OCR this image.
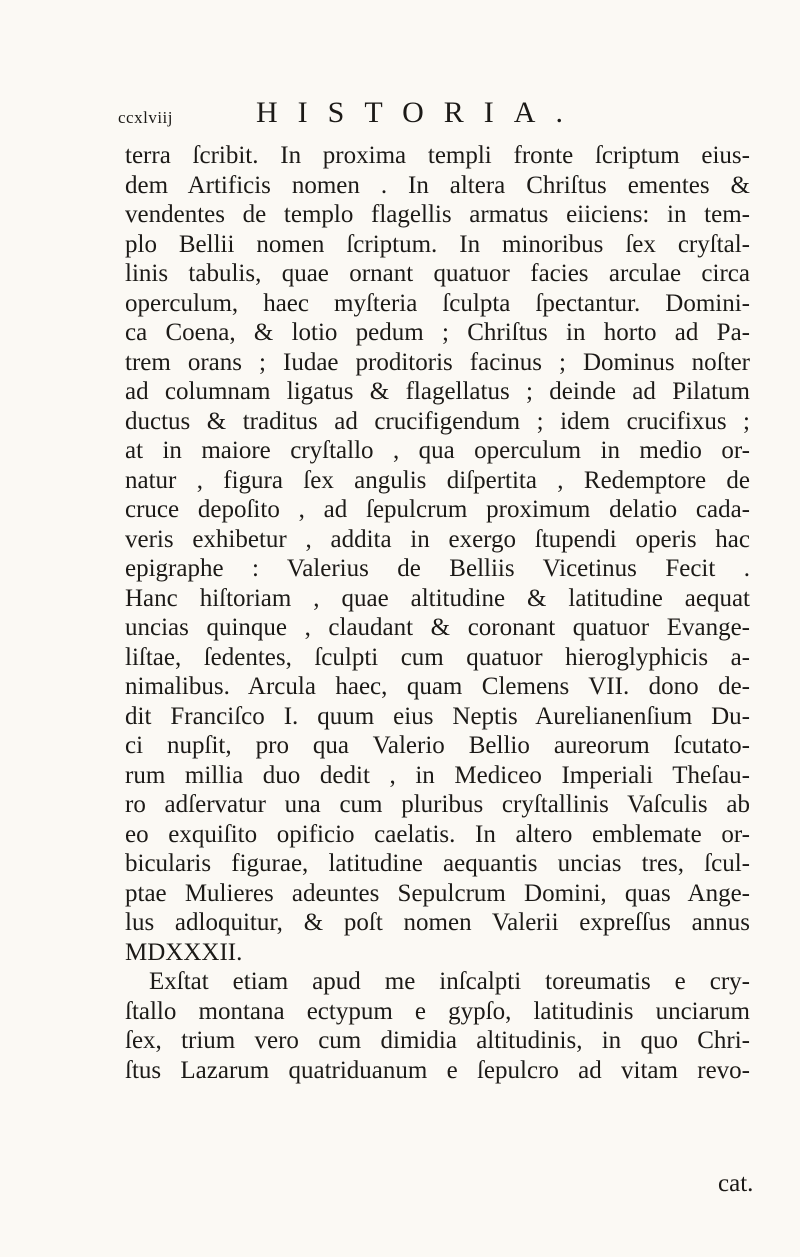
ccxlviij	HISTORIA.
terra ſcribit. In proxima templi fronte ſcriptum eius-
dem Artificis nomen . In altera Chriſtus ementes &
vendentes de templo flagellis armatus eiiciens: in tem-
plo Bellii nomen ſcriptum. In minoribus ſex cryſtal-
linis tabulis, quae ornant quatuor facies arculae circa
operculum, haec myſteria ſculpta ſpectantur. Domini-
ca Coena, & lotio pedum ; Chriſtus in horto ad Pa-
trem orans ; Iudae proditoris facinus ; Dominus noſter
ad columnam ligatus & flagellatus ; deinde ad Pilatum
ductus & traditus ad crucifigendum ; idem crucifixus ;
at in maiore cryſtallo , qua operculum in medio or-
natur , figura ſex angulis diſpertita , Redemptore de
cruce depoſito , ad ſepulcrum proximum delatio cada-
veris exhibetur , addita in exergo ſtupendi operis hac
epigraphe : Valerius de Belliis Vicetinus Fecit .
Hanc hiſtoriam , quae altitudine & latitudine aequat
uncias quinque , claudant & coronant quatuor Evange-
liſtae, ſedentes, ſculpti cum quatuor hieroglyphicis a-
nimalibus. Arcula haec, quam Clemens VII. dono de-
dit Franciſco I. quum eius Neptis Aurelianenſium Du-
ci nupſit, pro qua Valerio Bellio aureorum ſcutato-
rum millia duo dedit , in Mediceo Imperiali Theſau-
ro adſervatur una cum pluribus cryſtallinis Vaſculis ab
eo exquiſito opificio caelatis. In altero emblemate or-
bicularis figurae, latitudine aequantis uncias tres, ſcul-
ptae Mulieres adeuntes Sepulcrum Domini, quas Ange-
lus adloquitur, & poſt nomen Valerii expreſſus annus
MDXXXII.
Exſtat etiam apud me inſcalpti toreumatis e cry-
ſtallo montana ectypum e gypſo, latitudinis unciarum
ſex, trium vero cum dimidia altitudinis, in quo Chri-
ſtus Lazarum quatriduanum e ſepulcro ad vitam revo-
cat.
